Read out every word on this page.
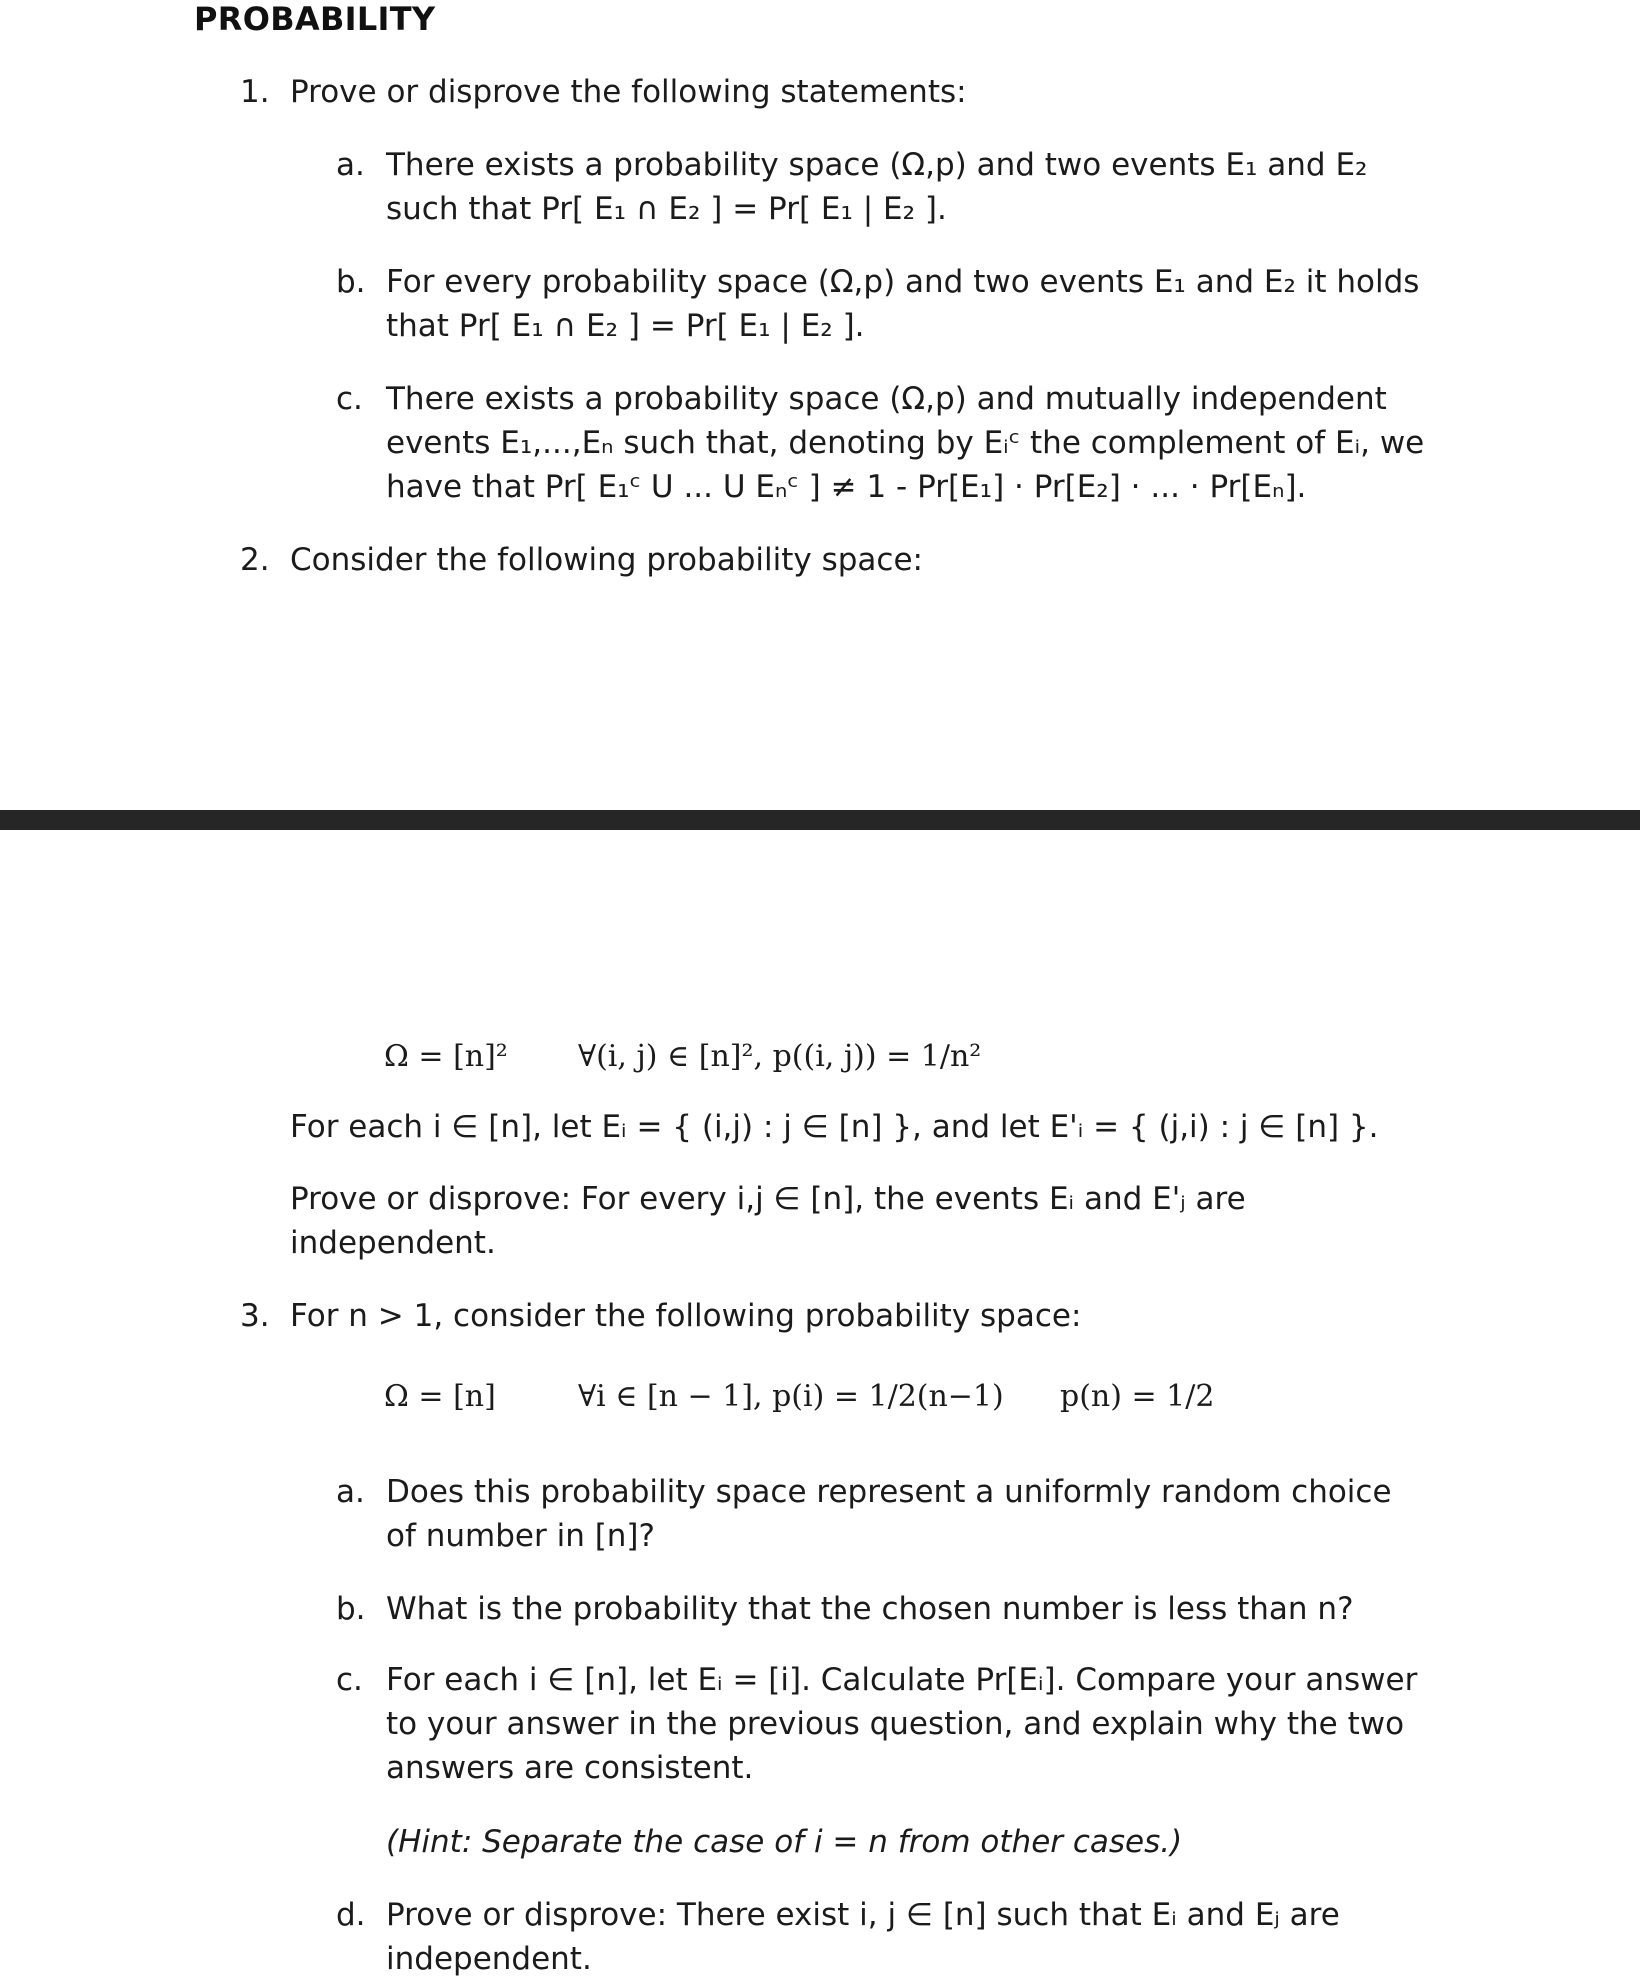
PROBABILITY
1. Prove or disprove the following statements:
a. There exists a probability space (Ω,p) and two events E₁ and E₂
such that Pr[ E₁ ∩ E₂ ] = Pr[ E₁ | E₂ ].
b. For every probability space (Ω,p) and two events E₁ and E₂ it holds
that Pr[ E₁ ∩ E₂ ] = Pr[ E₁ | E₂ ].
c. There exists a probability space (Ω,p) and mutually independent
events E₁,...,Eₙ such that, denoting by Eᵢᶜ the complement of Eᵢ, we
have that Pr[ E₁ᶜ U ... U Eₙᶜ ] ≠ 1 - Pr[E₁] · Pr[E₂] · ... · Pr[Eₙ].
2. Consider the following probability space:
Ω = [n]² ∀(i, j) ∈ [n]², p((i, j)) = 1/n²
For each i ∈ [n], let Eᵢ = { (i,j) : j ∈ [n] }, and let E'ᵢ = { (j,i) : j ∈ [n] }.
Prove or disprove: For every i,j ∈ [n], the events Eᵢ and E'ⱼ are
independent.
3. For n > 1, consider the following probability space:
Ω = [n]	∀i ∈ [n − 1], p(i) = 1/2(n−1) p(n) = 1/2
a. Does this probability space represent a uniformly random choice
of number in [n]?
b. What is the probability that the chosen number is less than n?
c. For each i ∈ [n], let Eᵢ = [i]. Calculate Pr[Eᵢ]. Compare your answer
to your answer in the previous question, and explain why the two
answers are consistent.
(Hint: Separate the case of i = n from other cases.)
d. Prove or disprove: There exist i, j ∈ [n] such that Eᵢ and Eⱼ are
independent.
